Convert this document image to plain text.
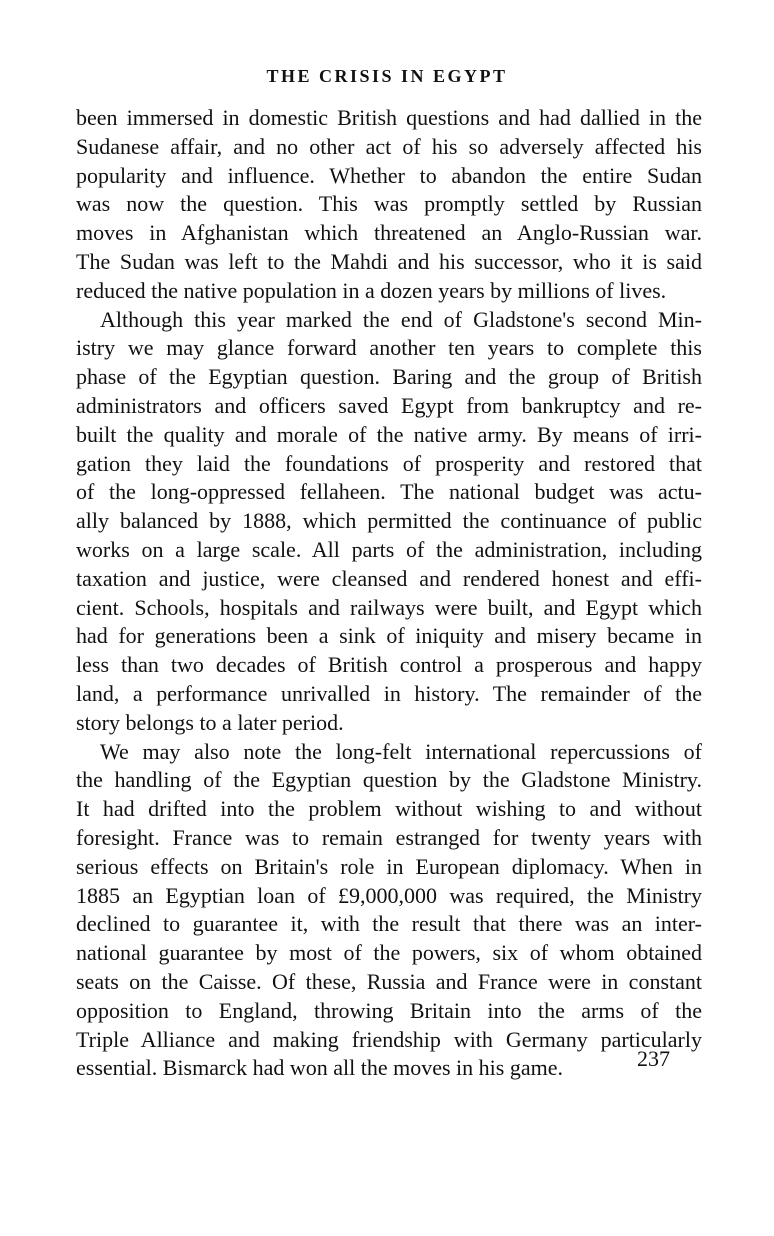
THE CRISIS IN EGYPT

been immersed in domestic British questions and had dallied in the
Sudanese affair, and no other act of his so adversely affected his
popularity and influence. Whether to abandon the entire Sudan
was now the question. This was promptly settled by Russian
moves in Afghanistan which threatened an Anglo-Russian war.
The Sudan was left to the Mahdi and his successor, who it is said
reduced the native population in a dozen years by millions of lives.

Although this year marked the end of Gladstone's second Min-
istry we may glance forward another ten years to complete this
phase of the Egyptian question. Baring and the group of British
administrators and officers saved Egypt from bankruptcy and re-
built the quality and morale of the native army. By means of irri-
gation they laid the foundations of prosperity and restored that
of the long-oppressed fellaheen. The national budget was actu-
ally balanced by 1888, which permitted the continuance of public
works on a large scale. All parts of the administration, including
taxation and justice, were cleansed and rendered honest and effi-
cient. Schools, hospitals and railways were built, and Egypt which
had for generations been a sink of iniquity and misery became in
less than two decades of British control a prosperous and happy
land, a performance unrivalled in history. The remainder of the
story belongs to a later period.

We may also note the long-felt international repercussions of
the handling of the Egyptian question by the Gladstone Ministry.
It had drifted into the problem without wishing to and without
foresight. France was to remain estranged for twenty years with
serious effects on Britain's role in European diplomacy. When in
1885 an Egyptian loan of £9,000,000 was required, the Ministry
declined to guarantee it, with the result that there was an inter-
national guarantee by most of the powers, six of whom obtained
seats on the Caisse. Of these, Russia and France were in constant
opposition to England, throwing Britain into the arms of the
Triple Alliance and making friendship with Germany particularly
essential. Bismarck had won all the moves in his game.	237
